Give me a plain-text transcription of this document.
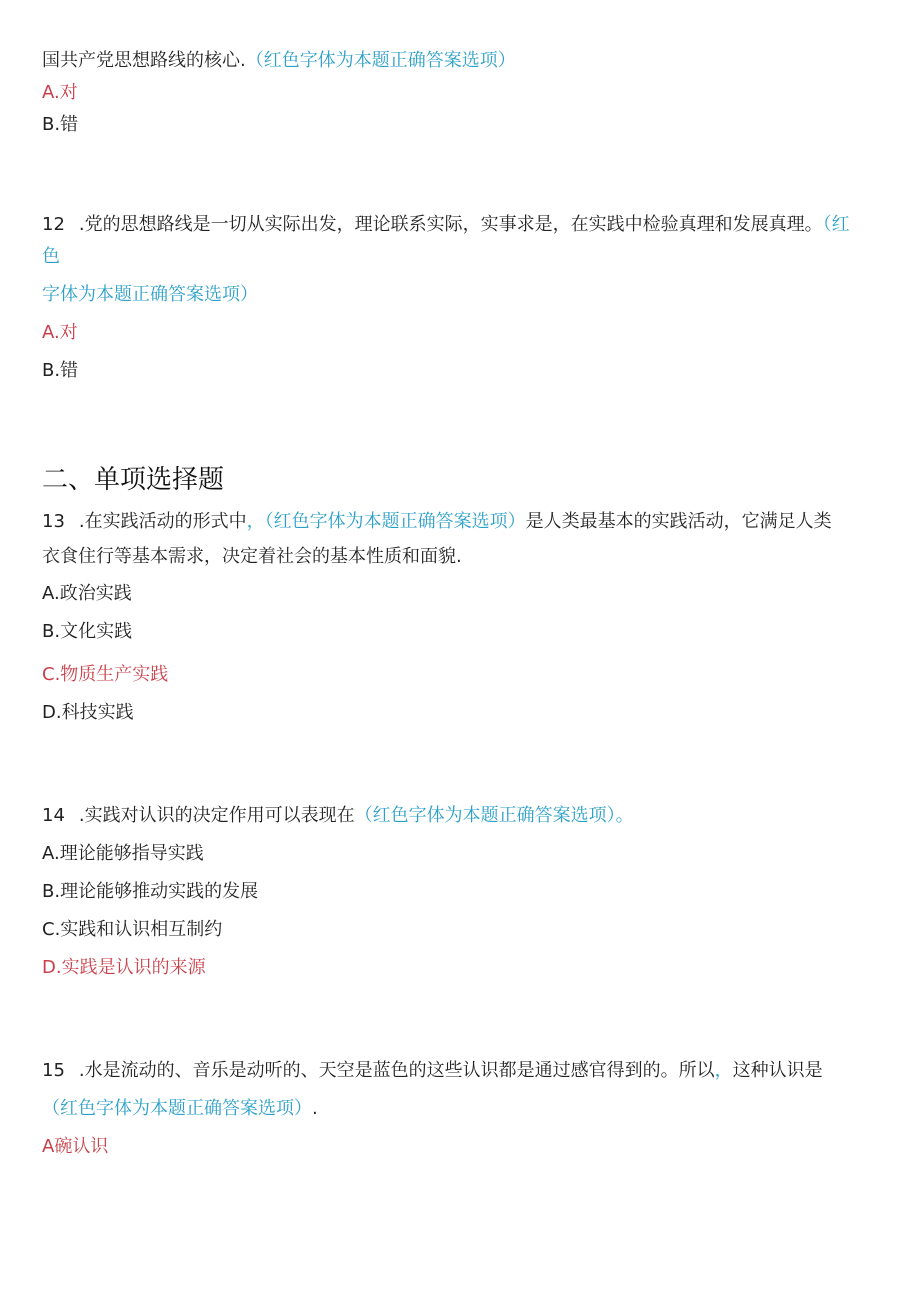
国共产党思想路线的核心.（红色字体为本题正确答案选项）
A.对
B.错
12 .党的思想路线是一切从实际出发，理论联系实际，实事求是，在实践中检验真理和发展真理。（红
色
字体为本题正确答案选项）
A.对
B.错
二、单项选择题
13 .在实践活动的形式中，（红色字体为本题正确答案选项）是人类最基本的实践活动，它满足人类
衣食住行等基本需求，决定着社会的基本性质和面貌.
A.政治实践
B.文化实践
C.物质生产实践
D.科技实践
14 .实践对认识的决定作用可以表现在（红色字体为本题正确答案选项）。
A.理论能够指导实践
B.理论能够推动实践的发展
C.实践和认识相互制约
D.实践是认识的来源
15 .水是流动的、音乐是动听的、天空是蓝色的这些认识都是通过感官得到的。所以，这种认识是
（红色字体为本题正确答案选项）.
A碗认识
